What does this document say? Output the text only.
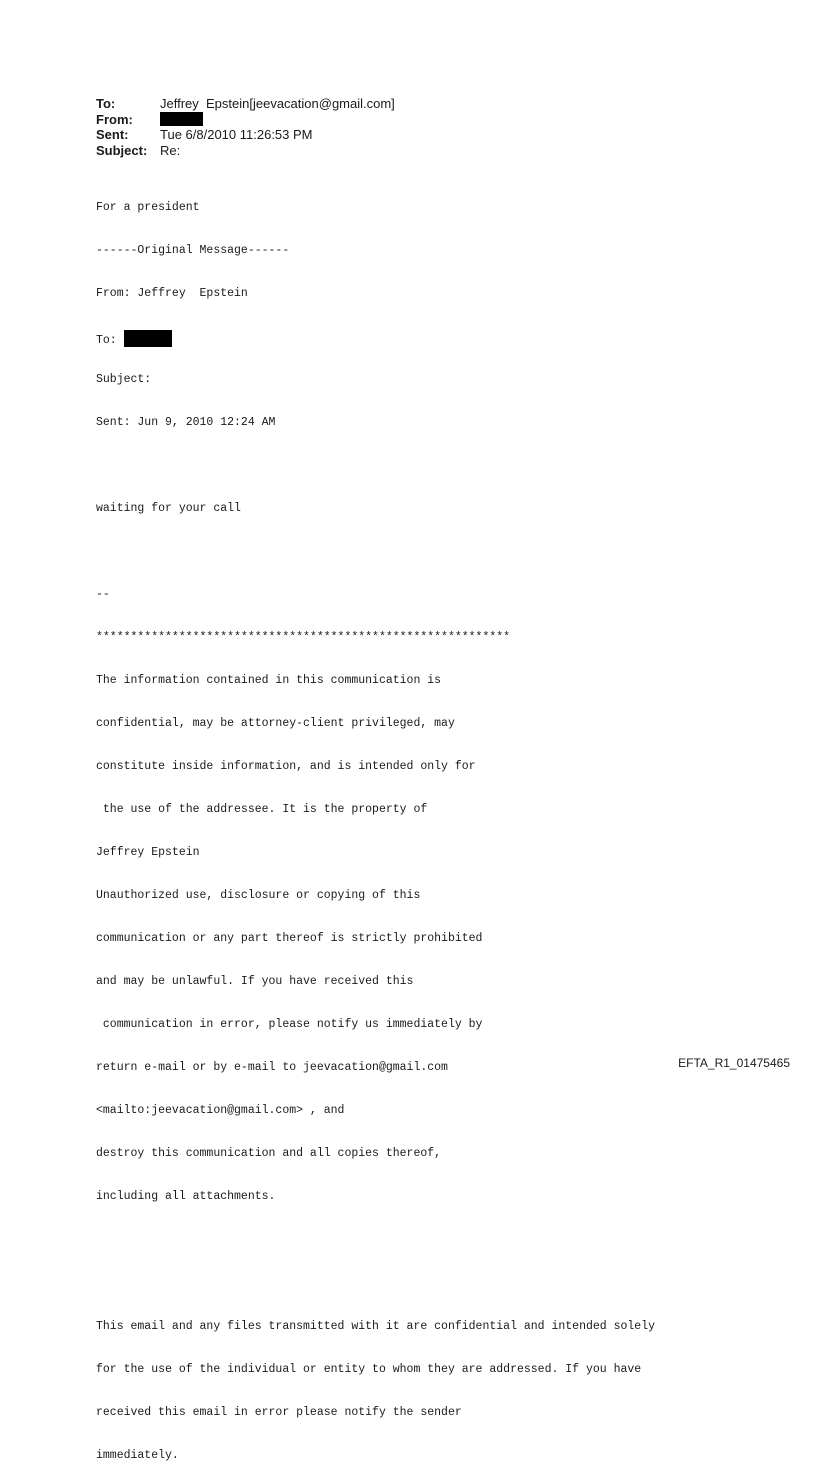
To:	Jeffrey  Epstein[jeevacation@gmail.com]
From:
Sent:	Tue 6/8/2010 11:26:53 PM
Subject: Re:

For a president

------Original Message------

From: Jeffrey  Epstein

To:

Subject:

Sent: Jun 9, 2010 12:24 AM

waiting for your call

--

************************************************************

The information contained in this communication is

confidential, may be attorney-client privileged, may

constitute inside information, and is intended only for

the use of the addressee. It is the property of

Jeffrey Epstein

Unauthorized use, disclosure or copying of this

communication or any part thereof is strictly prohibited

and may be unlawful. If you have received this

communication in error, please notify us immediately by

return e-mail or by e-mail to jeevacation@gmail.com

<mailto:jeevacation@gmail.com> , and

destroy this communication and all copies thereof,

including all attachments.

This email and any files transmitted with it are confidential and intended solely

for the use of the individual or entity to whom they are addressed. If you have

received this email in error please notify the sender

immediately.

EFTA_R1_01475465
